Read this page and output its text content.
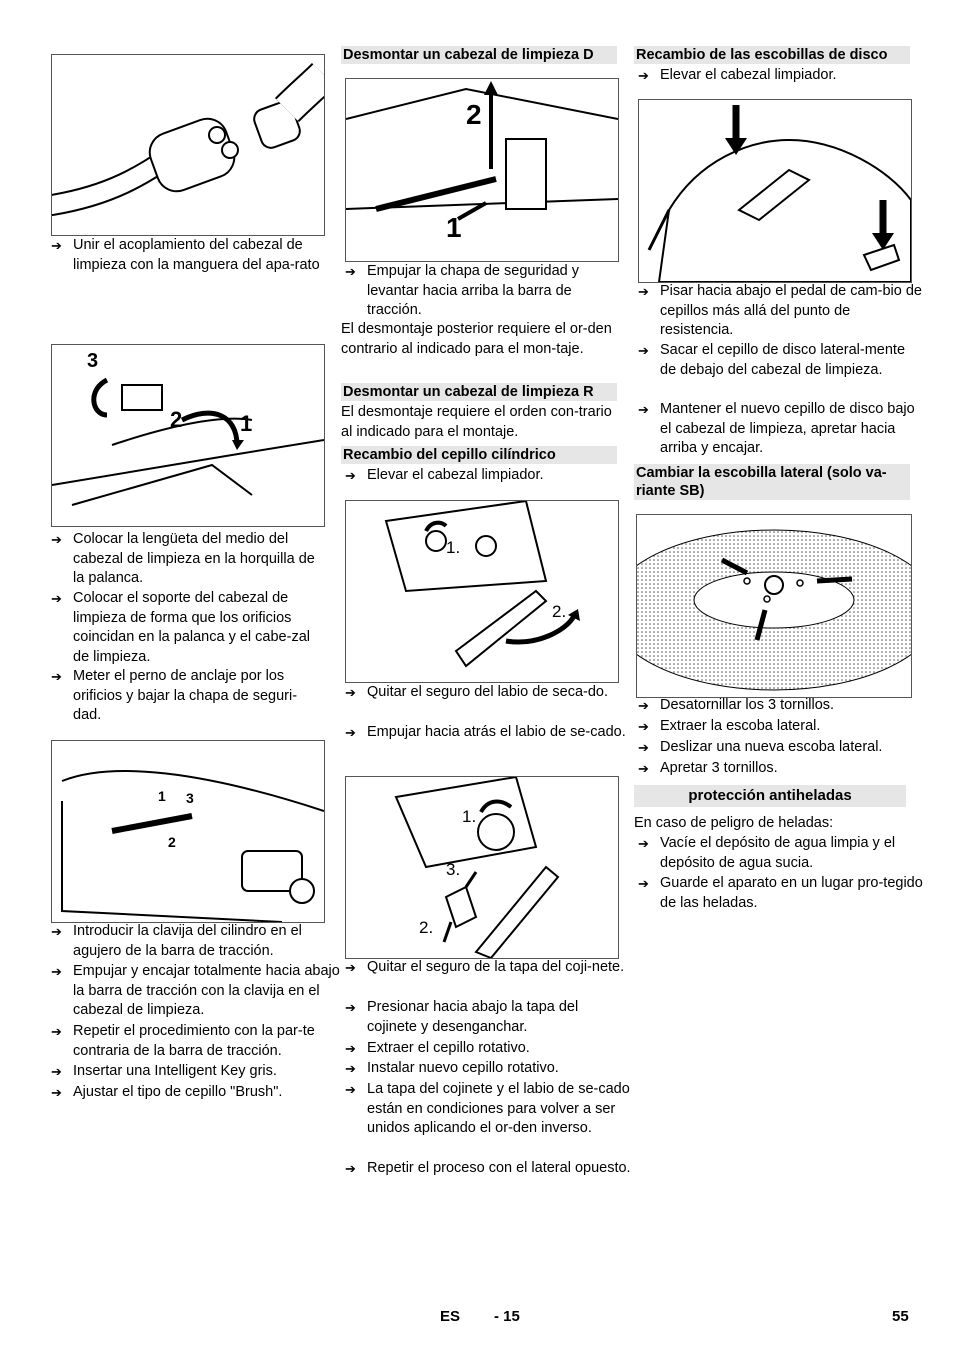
➔ Unir el acoplamiento del cabezal de limpieza con la manguera del apa-rato
3
2	1
➔ Colocar la lengüeta del medio del cabezal de limpieza en la horquilla de la palanca.
➔ Colocar el soporte del cabezal de limpieza de forma que los orificios coincidan en la palanca y el cabe-zal de limpieza.
➔ Meter el perno de anclaje por los orificios y bajar la chapa de seguri-dad.
1 3
2
➔ Introducir la clavija del cilindro en el agujero de la barra de tracción.
➔ Empujar y encajar totalmente hacia abajo la barra de tracción con la clavija en el cabezal de limpieza.
➔ Repetir el procedimiento con la par-te contraria de la barra de tracción.
➔ Insertar una Intelligent Key gris.
➔ Ajustar el tipo de cepillo "Brush".
Desmontar un cabezal de limpieza D
2
1
➔ Empujar la chapa de seguridad y levantar hacia arriba la barra de tracción.
El desmontaje posterior requiere el or-den contrario al indicado para el mon-taje.
Desmontar un cabezal de limpieza R
El desmontaje requiere el orden con-trario al indicado para el montaje.
Recambio del cepillo cilíndrico
➔ Elevar el cabezal limpiador.
1.
2.
➔ Quitar el seguro del labio de seca-do.
➔ Empujar hacia atrás el labio de se-cado.
1.
3.
2.
➔ Quitar el seguro de la tapa del coji-nete.
➔ Presionar hacia abajo la tapa del cojinete y desenganchar.
➔ Extraer el cepillo rotativo.
➔ Instalar nuevo cepillo rotativo.
➔ La tapa del cojinete y el labio de se-cado están en condiciones para volver a ser unidos aplicando el or-den inverso.
➔ Repetir el proceso con el lateral opuesto.
Recambio de las escobillas de disco
➔ Elevar el cabezal limpiador.
➔ Pisar hacia abajo el pedal de cam-bio de cepillos más allá del punto de resistencia.
➔ Sacar el cepillo de disco lateral-mente de debajo del cabezal de limpieza.
➔ Mantener el nuevo cepillo de disco bajo el cabezal de limpieza, apretar hacia arriba y encajar.
Cambiar la escobilla lateral (solo va-riante SB)
➔ Desatornillar los 3 tornillos.
➔ Extraer la escoba lateral.
➔ Deslizar una nueva escoba lateral.
➔ Apretar 3 tornillos.
protección antiheladas
En caso de peligro de heladas:
➔ Vacíe el depósito de agua limpia y el depósito de agua sucia.
➔ Guarde el aparato en un lugar pro-tegido de las heladas.
ES - 15	55
